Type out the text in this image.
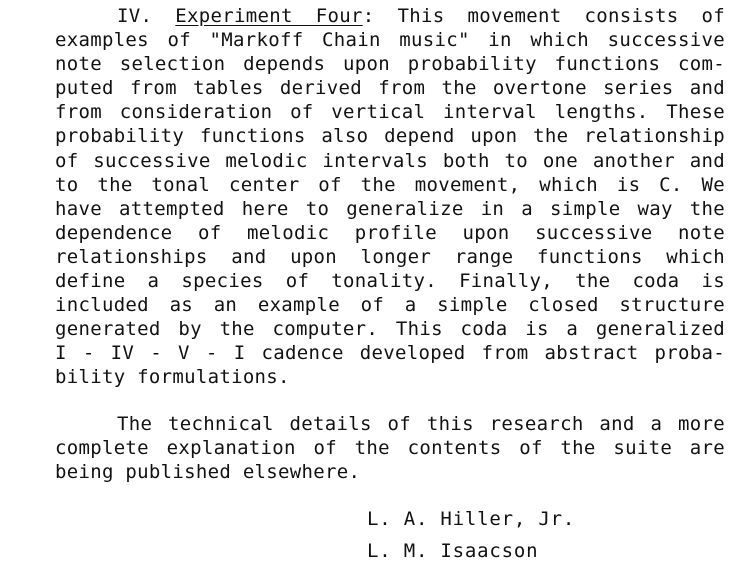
IV. Experiment Four: This movement consists of
examples of "Markoff Chain music" in which successive
note selection depends upon probability functions com-
puted from tables derived from the overtone series and
from consideration of vertical interval lengths. These
probability functions also depend upon the relationship
of successive melodic intervals both to one another and
to the tonal center of the movement, which is C. We
have attempted here to generalize in a simple way the
dependence of melodic profile upon successive note
relationships and upon longer range functions which
define a species of tonality. Finally, the coda is
included as an example of a simple closed structure
generated by the computer. This coda is a generalized
I - IV - V - I cadence developed from abstract proba-
bility formulations.
The technical details of this research and a more
complete explanation of the contents of the suite are
being published elsewhere.
L. A. Hiller, Jr.
L. M. Isaacson
